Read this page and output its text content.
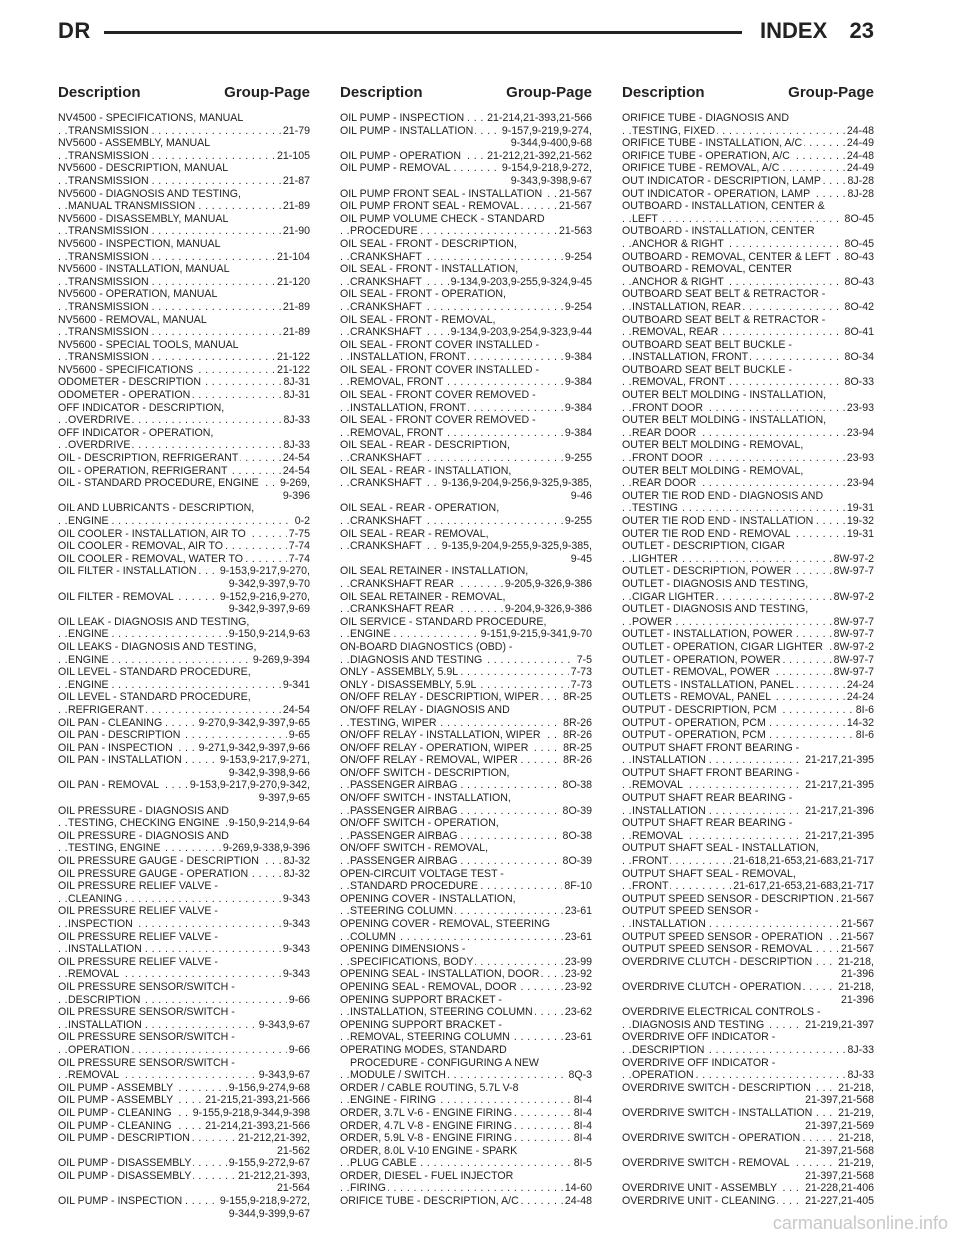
DR	INDEX 23
Description	Group-Page Description	Group-Page Description	Group-Page
NV4500 - SPECIFICATIONS, MANUAL
. . . TRANSMISSION	21-79
NV5600 - ASSEMBLY, MANUAL
. . . TRANSMISSION	21-105
NV5600 - DESCRIPTION, MANUAL
. . . TRANSMISSION	21-87
NV5600 - DIAGNOSIS AND TESTING,
. . . MANUAL TRANSMISSION	21-89
NV5600 - DISASSEMBLY, MANUAL
. . . TRANSMISSION	21-90
NV5600 - INSPECTION, MANUAL
. . . TRANSMISSION	21-104
NV5600 - INSTALLATION, MANUAL
. . . TRANSMISSION	21-120
NV5600 - OPERATION, MANUAL
. . . TRANSMISSION	21-89
NV5600 - REMOVAL, MANUAL
. . . TRANSMISSION	21-89
NV5600 - SPECIAL TOOLS, MANUAL
. . . TRANSMISSION	21-122
. . . NV5600 - SPECIFICATIONS	21-122
. . . ODOMETER - DESCRIPTION	8J-31
. . . ODOMETER - OPERATION	8J-31
OFF INDICATOR - DESCRIPTION,
. . . OVERDRIVE	8J-33
OFF INDICATOR - OPERATION,
. . . OVERDRIVE	8J-33
. . . OIL - DESCRIPTION, REFRIGERANT	24-54
. . . OIL - OPERATION, REFRIGERANT	24-54
. . . OIL - STANDARD PROCEDURE, ENGINE 9-269,
9-396
OIL AND LUBRICANTS - DESCRIPTION,
. . . ENGINE	0-2
. . . OIL COOLER - INSTALLATION, AIR TO	7-75
. . . OIL COOLER - REMOVAL, AIR TO	7-74
. . . OIL COOLER - REMOVAL, WATER TO	7-74
. . . OIL FILTER - INSTALLATION 9-153,9-217,9-270,
9-342,9-397,9-70
. . . OIL FILTER - REMOVAL	9-152,9-216,9-270,
9-342,9-397,9-69
OIL LEAK - DIAGNOSIS AND TESTING,
. . . ENGINE	9-150,9-214,9-63
OIL LEAKS - DIAGNOSIS AND TESTING,
. . . ENGINE	9-269,9-394
OIL LEVEL - STANDARD PROCEDURE,
. . . ENGINE	9-341
OIL LEVEL - STANDARD PROCEDURE,
. . . REFRIGERANT	24-54
. . . OIL PAN - CLEANING	9-270,9-342,9-397,9-65
. . . OIL PAN - DESCRIPTION	9-65
. . . OIL PAN - INSPECTION 9-271,9-342,9-397,9-66
. . . OIL PAN - INSTALLATION	9-153,9-217,9-271,
9-342,9-398,9-66
. . . OIL PAN - REMOVAL	9-153,9-217,9-270,9-342,
9-397,9-65
OIL PRESSURE - DIAGNOSIS AND
. . . TESTING, CHECKING ENGINE 9-150,9-214,9-64
OIL PRESSURE - DIAGNOSIS AND
. . . TESTING, ENGINE	9-269,9-338,9-396
. . . OIL PRESSURE GAUGE - DESCRIPTION 8J-32
. . . OIL PRESSURE GAUGE - OPERATION	8J-32
OIL PRESSURE RELIEF VALVE -
. . . CLEANING	9-343
OIL PRESSURE RELIEF VALVE -
. . . INSPECTION	9-343
OIL PRESSURE RELIEF VALVE -
. . . INSTALLATION	9-343
OIL PRESSURE RELIEF VALVE -
. . . REMOVAL	9-343
OIL PRESSURE SENSOR/SWITCH -
. . . DESCRIPTION	9-66
OIL PRESSURE SENSOR/SWITCH -
. . . INSTALLATION	9-343,9-67
OIL PRESSURE SENSOR/SWITCH -
. . . OPERATION	9-66
OIL PRESSURE SENSOR/SWITCH -
. . . REMOVAL	9-343,9-67
. . . OIL PUMP - ASSEMBLY	9-156,9-274,9-68
. . . OIL PUMP - ASSEMBLY	21-215,21-393,21-566
. . . OIL PUMP - CLEANING 9-155,9-218,9-344,9-398
. . . OIL PUMP - CLEANING	21-214,21-393,21-566
. . . OIL PUMP - DESCRIPTION	21-212,21-392,
21-562
. . . OIL PUMP - DISASSEMBLY	9-155,9-272,9-67
. . . OIL PUMP - DISASSEMBLY	21-212,21-393,
21-564
. . . OIL PUMP - INSPECTION	9-155,9-218,9-272,
9-344,9-399,9-67
. . . OIL PUMP - INSPECTION 21-214,21-393,21-566
. . . OIL PUMP - INSTALLATION	9-157,9-219,9-274,
9-344,9-400,9-68
. . . OIL PUMP - OPERATION 21-212,21-392,21-562
. . . OIL PUMP - REMOVAL	9-154,9-218,9-272,
9-343,9-398,9-67
. . . OIL PUMP FRONT SEAL - INSTALLATION 21-567
. . . OIL PUMP FRONT SEAL - REMOVAL	21-567
OIL PUMP VOLUME CHECK - STANDARD
. . . PROCEDURE	21-563
OIL SEAL - FRONT - DESCRIPTION,
. . . CRANKSHAFT	9-254
OIL SEAL - FRONT - INSTALLATION,
. . . CRANKSHAFT	9-134,9-203,9-255,9-324,9-45
OIL SEAL - FRONT - OPERATION,
. . . CRANKSHAFT	9-254
OIL SEAL - FRONT - REMOVAL,
. . . CRANKSHAFT	9-134,9-203,9-254,9-323,9-44
OIL SEAL - FRONT COVER INSTALLED -
. . . INSTALLATION, FRONT	9-384
OIL SEAL - FRONT COVER INSTALLED -
. . . REMOVAL, FRONT	9-384
OIL SEAL - FRONT COVER REMOVED -
. . . INSTALLATION, FRONT	9-384
OIL SEAL - FRONT COVER REMOVED -
. . . REMOVAL, FRONT	9-384
OIL SEAL - REAR - DESCRIPTION,
. . . CRANKSHAFT	9-255
OIL SEAL - REAR - INSTALLATION,
. . . CRANKSHAFT 9-136,9-204,9-256,9-325,9-385,
9-46
OIL SEAL - REAR - OPERATION,
. . . CRANKSHAFT	9-255
OIL SEAL - REAR - REMOVAL,
. . . CRANKSHAFT 9-135,9-204,9-255,9-325,9-385,
9-45
OIL SEAL RETAINER - INSTALLATION,
. . . CRANKSHAFT REAR	9-205,9-326,9-386
OIL SEAL RETAINER - REMOVAL,
. . . CRANKSHAFT REAR	9-204,9-326,9-386
OIL SERVICE - STANDARD PROCEDURE,
. . . ENGINE	9-151,9-215,9-341,9-70
ON-BOARD DIAGNOSTICS (OBD) -
. . . DIAGNOSIS AND TESTING	7-5
. . . ONLY - ASSEMBLY, 5.9L	7-73
. . . ONLY - DISASSEMBLY, 5.9L	7-73
. . . ON/OFF RELAY - DESCRIPTION, WIPER 8R-25
ON/OFF RELAY - DIAGNOSIS AND
. . . TESTING, WIPER	8R-26
. . . ON/OFF RELAY - INSTALLATION, WIPER 8R-26
. . . ON/OFF RELAY - OPERATION, WIPER	8R-25
. . . ON/OFF RELAY - REMOVAL, WIPER	8R-26
ON/OFF SWITCH - DESCRIPTION,
. . . PASSENGER AIRBAG	8O-38
ON/OFF SWITCH - INSTALLATION,
. . . PASSENGER AIRBAG	8O-39
ON/OFF SWITCH - OPERATION,
. . . PASSENGER AIRBAG	8O-38
ON/OFF SWITCH - REMOVAL,
. . . PASSENGER AIRBAG	8O-39
OPEN-CIRCUIT VOLTAGE TEST -
. . . STANDARD PROCEDURE	8F-10
OPENING COVER - INSTALLATION,
. . . STEERING COLUMN	23-61
OPENING COVER - REMOVAL, STEERING
. . . COLUMN	23-61
OPENING DIMENSIONS -
. . . SPECIFICATIONS, BODY	23-99
. . . OPENING SEAL - INSTALLATION, DOOR 23-92
. . . OPENING SEAL - REMOVAL, DOOR	23-92
OPENING SUPPORT BRACKET -
. . . INSTALLATION, STEERING COLUMN	23-62
OPENING SUPPORT BRACKET -
. . . REMOVAL, STEERING COLUMN	23-61
OPERATING MODES, STANDARD
PROCEDURE - CONFIGURING A NEW
. . . MODULE / SWITCH	8Q-3
ORDER / CABLE ROUTING, 5.7L V-8
. . . ENGINE - FIRING	8I-4
. . . ORDER, 3.7L V-6 - ENGINE FIRING	8I-4
. . . ORDER, 4.7L V-8 - ENGINE FIRING	8I-4
. . . ORDER, 5.9L V-8 - ENGINE FIRING	8I-4
ORDER, 8.0L V-10 ENGINE - SPARK
. . . PLUG CABLE	8I-5
ORDER, DIESEL - FUEL INJECTOR
. . . FIRING	14-60
. . . ORIFICE TUBE - DESCRIPTION, A/C	24-48
ORIFICE TUBE - DIAGNOSIS AND
. . . TESTING, FIXED	24-48
. . . ORIFICE TUBE - INSTALLATION, A/C	24-49
. . . ORIFICE TUBE - OPERATION, A/C	24-48
. . . ORIFICE TUBE - REMOVAL, A/C	24-49
. . . OUT INDICATOR - DESCRIPTION, LAMP	8J-28
. . . OUT INDICATOR - OPERATION, LAMP	8J-28
OUTBOARD - INSTALLATION, CENTER &
. . . LEFT	8O-45
OUTBOARD - INSTALLATION, CENTER
. . . ANCHOR & RIGHT	8O-45
. . . OUTBOARD - REMOVAL, CENTER & LEFT 8O-43
OUTBOARD - REMOVAL, CENTER
. . . ANCHOR & RIGHT	8O-43
OUTBOARD SEAT BELT & RETRACTOR -
. . . INSTALLATION, REAR	8O-42
OUTBOARD SEAT BELT & RETRACTOR -
. . . REMOVAL, REAR	8O-41
OUTBOARD SEAT BELT BUCKLE -
. . . INSTALLATION, FRONT	8O-34
OUTBOARD SEAT BELT BUCKLE -
. . . REMOVAL, FRONT	8O-33
OUTER BELT MOLDING - INSTALLATION,
. . . FRONT DOOR	23-93
OUTER BELT MOLDING - INSTALLATION,
. . . REAR DOOR	23-94
OUTER BELT MOLDING - REMOVAL,
. . . FRONT DOOR	23-93
OUTER BELT MOLDING - REMOVAL,
. . . REAR DOOR	23-94
OUTER TIE ROD END - DIAGNOSIS AND
. . . TESTING	19-31
. . . OUTER TIE ROD END - INSTALLATION	19-32
. . . OUTER TIE ROD END - REMOVAL	19-31
OUTLET - DESCRIPTION, CIGAR
. . . LIGHTER	8W-97-2
. . . OUTLET - DESCRIPTION, POWER	8W-97-7
OUTLET - DIAGNOSIS AND TESTING,
. . . CIGAR LIGHTER	8W-97-2
OUTLET - DIAGNOSIS AND TESTING,
. . . POWER	8W-97-7
. . . OUTLET - INSTALLATION, POWER	8W-97-7
. . . OUTLET - OPERATION, CIGAR LIGHTER 8W-97-2
. . . OUTLET - OPERATION, POWER	8W-97-7
. . . OUTLET - REMOVAL, POWER	8W-97-7
. . . OUTLETS - INSTALLATION, PANEL	24-24
. . . OUTLETS - REMOVAL, PANEL	24-24
. . . OUTPUT - DESCRIPTION, PCM	8I-6
. . . OUTPUT - OPERATION, PCM	14-32
. . . OUTPUT - OPERATION, PCM	8I-6
OUTPUT SHAFT FRONT BEARING -
. . . INSTALLATION	21-217,21-395
OUTPUT SHAFT FRONT BEARING -
. . . REMOVAL	21-217,21-395
OUTPUT SHAFT REAR BEARING -
. . . INSTALLATION	21-217,21-396
OUTPUT SHAFT REAR BEARING -
. . . REMOVAL	21-217,21-395
OUTPUT SHAFT SEAL - INSTALLATION,
. . . FRONT	21-618,21-653,21-683,21-717
OUTPUT SHAFT SEAL - REMOVAL,
. . . FRONT	21-617,21-653,21-683,21-717
. . . OUTPUT SPEED SENSOR - DESCRIPTION 21-567
OUTPUT SPEED SENSOR -
. . . INSTALLATION	21-567
. . . OUTPUT SPEED SENSOR - OPERATION 21-567
. . . OUTPUT SPEED SENSOR - REMOVAL	21-567
. . . OVERDRIVE CLUTCH - DESCRIPTION 21-218,
21-396
. . . OVERDRIVE CLUTCH - OPERATION	21-218,
21-396
OVERDRIVE ELECTRICAL CONTROLS -
. . . DIAGNOSIS AND TESTING	21-219,21-397
OVERDRIVE OFF INDICATOR -
. . . DESCRIPTION	8J-33
OVERDRIVE OFF INDICATOR -
. . . OPERATION	8J-33
. . . OVERDRIVE SWITCH - DESCRIPTION	21-218,
21-397,21-568
. . . OVERDRIVE SWITCH - INSTALLATION 21-219,
21-397,21-569
. . . OVERDRIVE SWITCH - OPERATION	21-218,
21-397,21-568
. . . OVERDRIVE SWITCH - REMOVAL	21-219,
21-397,21-568
. . . OVERDRIVE UNIT - ASSEMBLY	21-228,21-406
. . . OVERDRIVE UNIT - CLEANING	21-227,21-405
carmanualsonline.info
